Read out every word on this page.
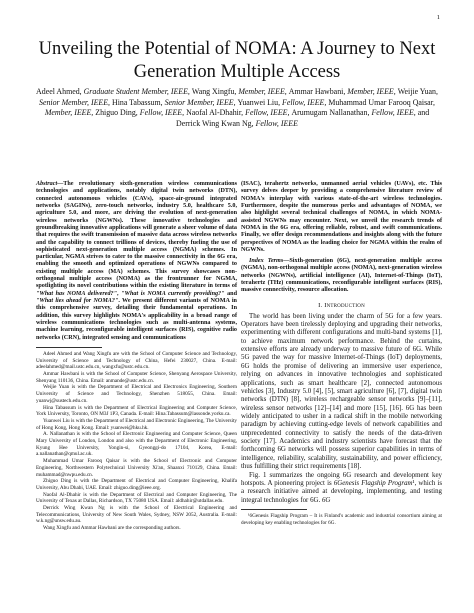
1
Unveiling the Potential of NOMA: A Journey to Next Generation Multiple Access
Adeel Ahmed, Graduate Student Member, IEEE, Wang Xingfu, Member, IEEE, Ammar Hawbani, Member, IEEE, Weijie Yuan, Senior Member, IEEE, Hina Tabassum, Senior Member, IEEE, Yuanwei Liu, Fellow, IEEE, Muhammad Umar Farooq Qaisar, Member, IEEE, Zhiguo Ding, Fellow, IEEE, Naofal Al-Dhahir, Fellow, IEEE, Arumugam Nallanathan, Fellow, IEEE, and Derrick Wing Kwan Ng, Fellow, IEEE

Abstract—The revolutionary sixth-generation wireless communications technologies and applications, notably digital twin networks (DTN), connected autonomous vehicles (CAVs), space-air-ground integrated networks (SAGINs), zero-touch networks, industry 5.0, healthcare 5.0, agriculture 5.0, and more, are driving the evolution of next-generation wireless networks (NGWNs). These innovative technologies and groundbreaking innovative applications will generate a sheer volume of data that requires the swift transmission of massive data across wireless networks and the capability to connect trillions of devices, thereby fueling the use of sophisticated next-generation multiple access (NGMA) schemes. In particular, NGMA strives to cater to the massive connectivity in the 6G era, enabling the smooth and optimized operations of NGWNs compared to existing multiple access (MA) schemes. This survey showcases non-orthogonal multiple access (NOMA) as the frontrunner for NGMA, spotlighting its novel contributions within the existing literature in terms of "What has NOMA delivered?", "What is NOMA currently providing?" and "What lies ahead for NOMA?". We present different variants of NOMA in this comprehensive survey, detailing their fundamental operations. In addition, this survey highlights NOMA's applicability in a broad range of wireless communications technologies such as multi-antenna systems, machine learning, reconfigurable intelligent surfaces (RIS), cognitive radio networks (CRN), integrated sensing and communications

Adeel Ahmed and Wang Xingfu are with the School of Computer Science and Technology, University of Science and Technology of China, Hefei 230027, China. E-mail: adeelahmed@mail.ustc.edu.cn, wangxfu@ustc.edu.cn.

Ammar Hawbani is with the School of Computer Science, Shenyang Aerospace University, Shenyang 110136, China. Email: anmande@ustc.edu.cn.

Weijie Yuan is with the Department of Electrical and Electronics Engineering, Southern University of Science and Technology, Shenzhen 518055, China. Email: yuanwj@sustech.edu.cn.

Hina Tabassum is with the Department of Electrical Engineering and Computer Science, York University, Toronto, ON M3J 1P3, Canada. E-mail: Hina.Tabassum@lassonde.yorku.ca.

Yuanwei Liu is with the Department of Electrical and Electronic Engineering, The University of Hong Kong, Hong Kong. Email: yuanwei@hku.hk.

A. Nallanathan is with the School of Electronic Engineering and Computer Science, Queen Mary University of London, London and also with the Department of Electronic Engineering, Kyung Hee University, Yongin-si, Gyeonggi-do 17104, Korea, E-mail: a.nallanathan@qmul.ac.uk.

Muhammad Umar Farooq Qaisar is with the School of Electronic and Computer Engineering, Northwestern Polytechnical University Xi'an, Shaanxi 710129, China. Email: muhammad@nwpu.edu.cn.

Zhiguo Ding is with the Department of Electrical and Computer Engineering, Khalifa University, Abu Dhabi, UAE. Email: zhiguo.ding@ieee.org.

Naofal Al-Dhahir is with the Department of Electrical and Computer Engineering, The University of Texas at Dallas, Richardson, TX 75080 USA. Email: aldhahir@utdallas.edu.

Derrick Wing Kwan Ng is with the School of Electrical Engineering and Telecommunications, University of New South Wales, Sydney, NSW 2052, Australia. E-mail: w.k.ng@unsw.edu.au.

Wang Xingfu and Ammar Hawbani are the corresponding authors.

(ISAC), terahertz networks, unmanned aerial vehicles (UAVs), etc. This survey delves deeper by providing a comprehensive literature review of NOMA's interplay with various state-of-the-art wireless technologies. Furthermore, despite the numerous perks and advantages of NOMA, we also highlight several technical challenges of NOMA, in which NOMA-assisted NGWNs may encounter. Next, we unveil the research trends of NOMA in the 6G era, offering reliable, robust, and swift communications. Finally, we offer design recommendations and insights along with the future perspectives of NOMA as the leading choice for NGMA within the realm of NGWNs.

Index Terms—Sixth-generation (6G), next-generation multiple access (NGMA), non-orthogonal multiple access (NOMA), next-generation wireless networks (NGWNs), artificial intelligence (AI), Internet-of-Things (IoT), terahertz (THz) communications, reconfigurable intelligent surfaces (RIS), massive connectivity, resource allocation.

I. Introduction

The world has been living under the charm of 5G for a few years. Operators have been tirelessly deploying and upgrading their networks, experimenting with different configurations and multi-band systems [1], to achieve maximum network performance. Behind the curtains, extensive efforts are already underway to massive future of 6G. While 5G paved the way for massive Internet-of-Things (IoT) deployments, 6G holds the promise of delivering an immersive user experience, relying on advances in innovative technologies and sophisticated applications, such as smart healthcare [2], connected autonomous vehicles [3], Industry 5.0 [4], [5], smart agriculture [6], [7], digital twin networks (DTN) [8], wireless rechargeable sensor networks [9]–[11], wireless sensor networks [12]–[14] and more [15], [16]. 6G has been widely anticipated to usher in a radical shift in the mobile networking paradigm by achieving cutting-edge levels of network capabilities and unprecedented connectivity to satisfy the needs of the data-driven society [17]. Academics and industry scientists have forecast that the forthcoming 6G networks will possess superior capabilities in terms of intelligence, reliability, scalability, sustainability, and power efficiency, thus fulfilling their strict requirements [18].

Fig. 1 summarizes the ongoing 6G research and development key hotspots. A pioneering project is 6Genesis Flagship Program¹, which is a research initiative aimed at developing, implementing, and testing integral technologies for 6G. 6G

¹6Genesis Flagship Program – It is Finland's academic and industrial consortium aiming at developing key enabling technologies for 6G.
